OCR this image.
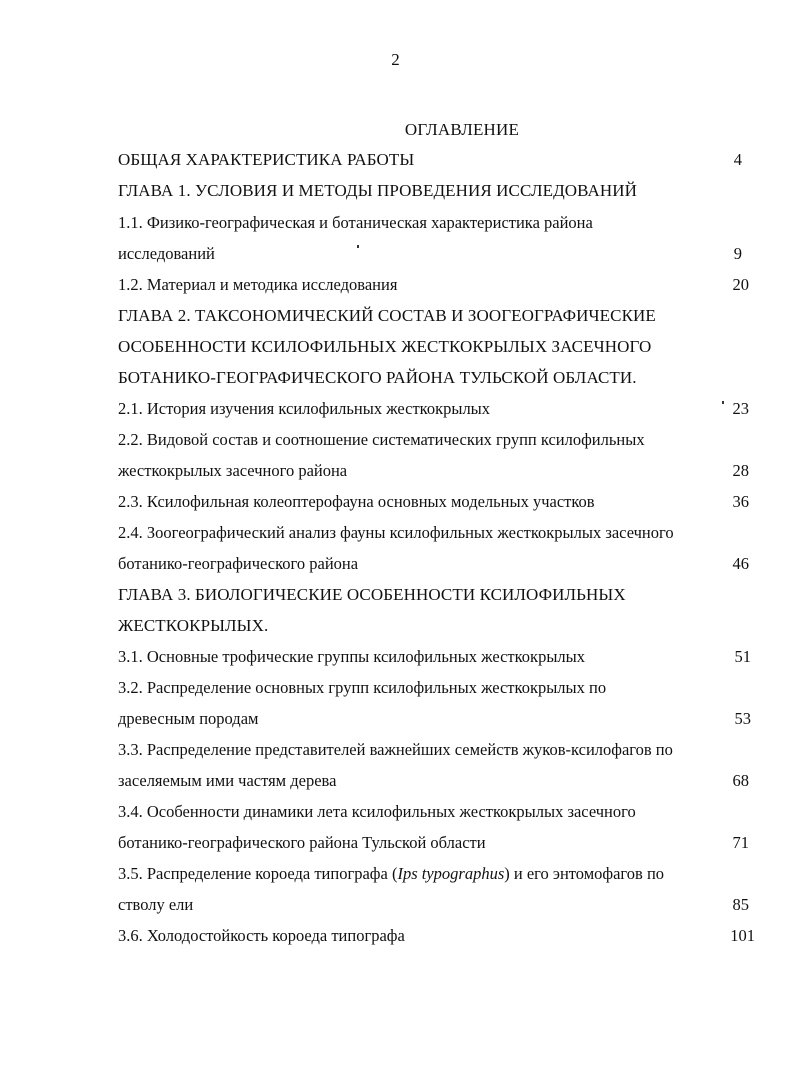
2
ОГЛАВЛЕНИЕ
ОБЩАЯ ХАРАКТЕРИСТИКА РАБОТЫ	4
ГЛАВА 1. УСЛОВИЯ И МЕТОДЫ ПРОВЕДЕНИЯ ИССЛЕДОВАНИЙ
1.1. Физико-географическая и ботаническая характеристика района
исследований	9
1.2. Материал и методика исследования	20
ГЛАВА 2. ТАКСОНОМИЧЕСКИЙ СОСТАВ И ЗООГЕОГРАФИЧЕСКИЕ
ОСОБЕННОСТИ КСИЛОФИЛЬНЫХ ЖЕСТКОКРЫЛЫХ ЗАСЕЧНОГО
БОТАНИКО-ГЕОГРАФИЧЕСКОГО РАЙОНА ТУЛЬСКОЙ ОБЛАСТИ.
2.1. История изучения ксилофильных жесткокрылых	23
2.2. Видовой состав и соотношение систематических групп ксилофильных
жесткокрылых засечного района	28
2.3. Ксилофильная колеоптерофауна основных модельных участков	36
2.4. Зоогеографический анализ фауны ксилофильных жесткокрылых засечного
ботанико-географического района	46
ГЛАВА 3. БИОЛОГИЧЕСКИЕ ОСОБЕННОСТИ КСИЛОФИЛЬНЫХ
ЖЕСТКОКРЫЛЫХ.
3.1. Основные трофические группы ксилофильных жесткокрылых	51
3.2. Распределение основных групп ксилофильных жесткокрылых по
древесным породам	53
3.3. Распределение представителей важнейших семейств жуков-ксилофагов по
заселяемым ими частям дерева	68
3.4. Особенности динамики лета ксилофильных жесткокрылых засечного
ботанико-географического района Тульской области	71
3.5. Распределение короеда типографа (Ips typographus) и его энтомофагов по
стволу ели	85
3.6. Холодостойкость короеда типографа	101
